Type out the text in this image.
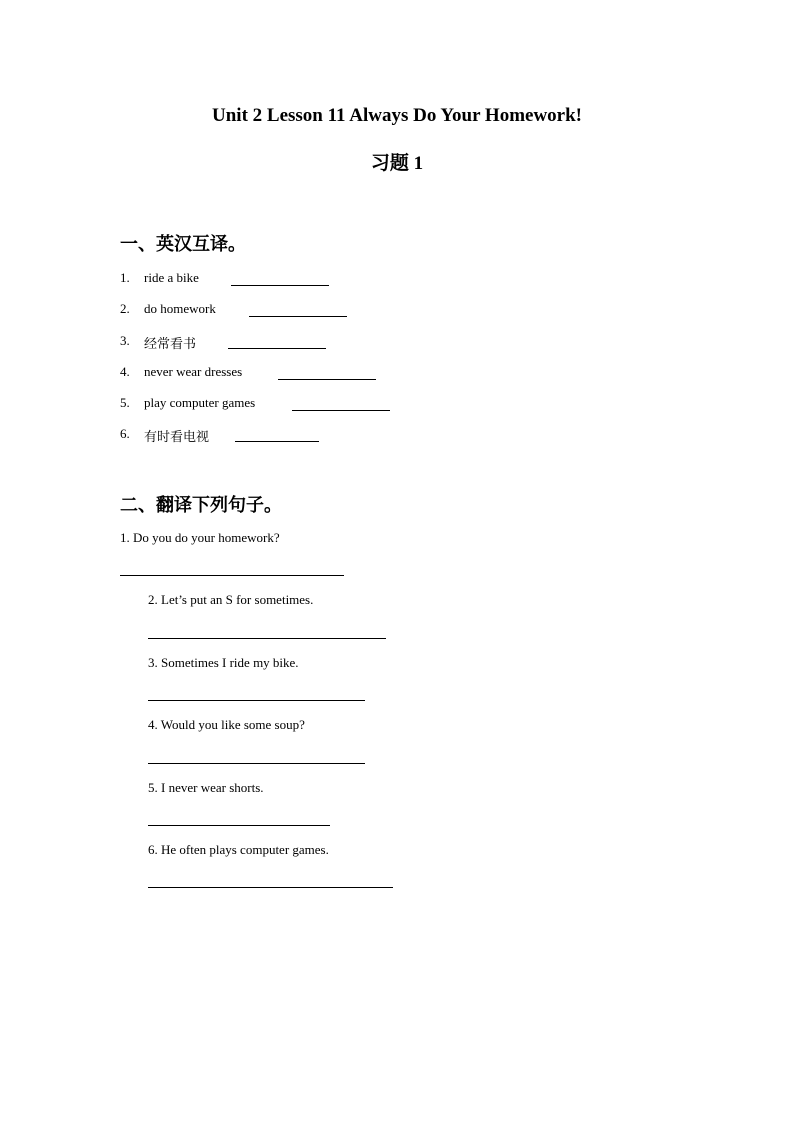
Unit 2 Lesson 11 Always Do Your Homework!
习题 1
一、英汉互译。
1. ride a bike
2. do homework
3. 经常看书
4. never wear dresses
5. play computer games
6. 有时看电视
二、翻译下列句子。
1. Do you do your homework?
2. Let’s put an S for sometimes.
3. Sometimes I ride my bike.
4. Would you like some soup?
5. I never wear shorts.
6. He often plays computer games.
